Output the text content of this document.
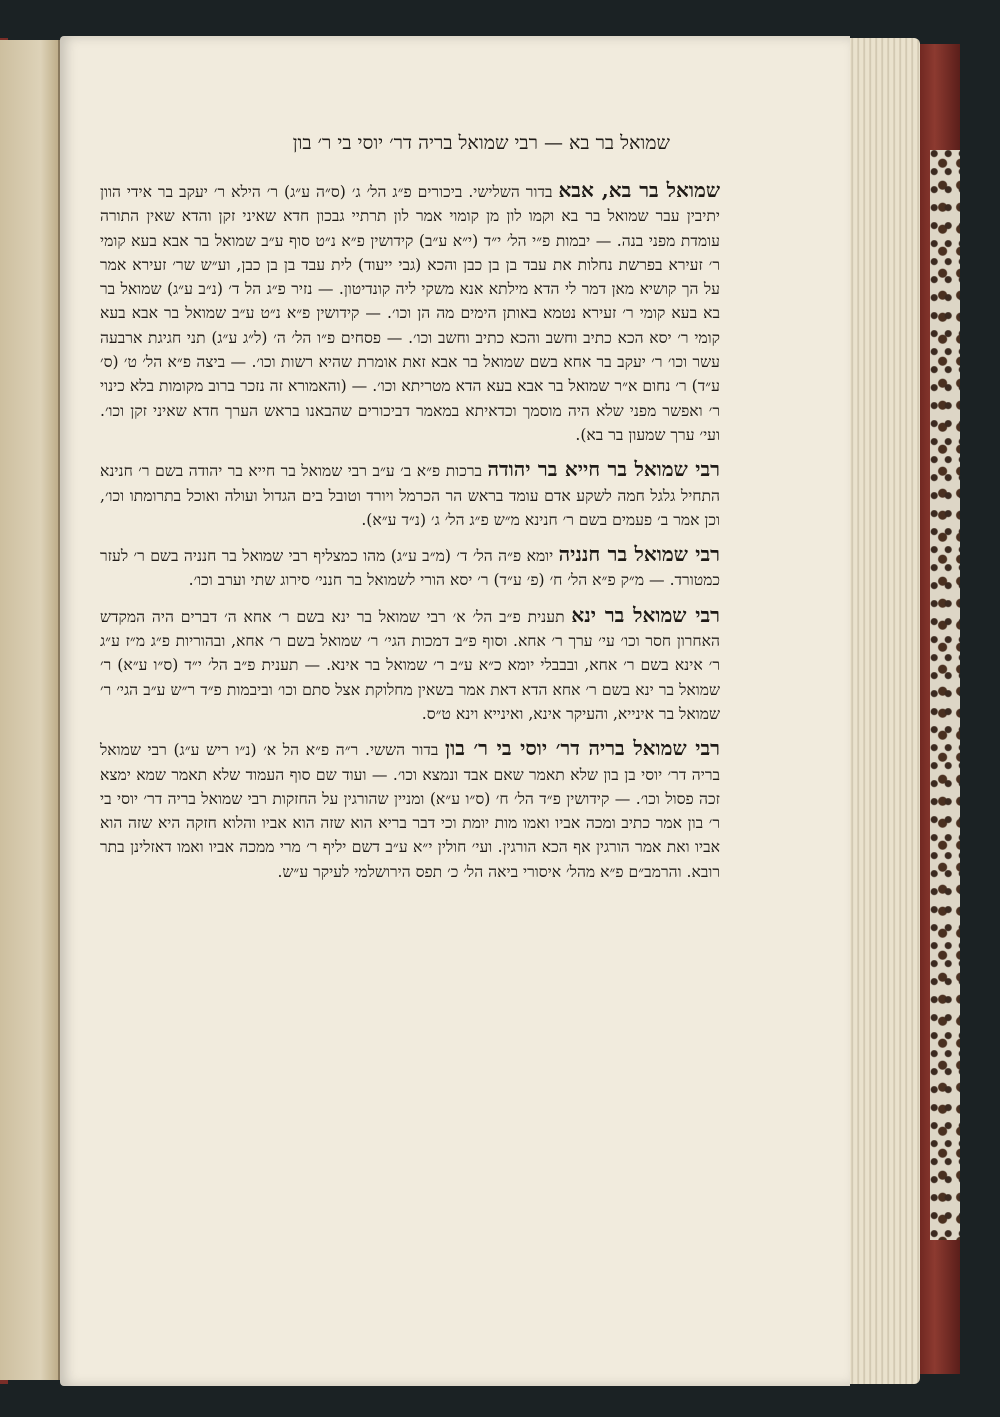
שמואל בר בא — רבי שמואל בריה דר׳ יוסי בי ר׳ בון

שמואל בר בא, אבא בדור השלישי. ביכורים פ״ג הל׳ ג׳ (ס״ה ע״ג) ר׳ הילא ר׳ יעקב בר אידי הוון יתיבין עבר שמואל בר בא וקמו לון מן קומוי אמר לון תרתיי גבכון חדא שאיני זקן והדא שאין התורה עומדת מפני בנה. — יבמות פ״י הל׳ י״ד (י״א ע״ב) קידושין פ״א נ״ט סוף ע״ב שמואל בר אבא בעא קומי ר׳ זעירא בפרשת נחלות את עבד בן בן כבן והכא (גבי ייעוד) לית עבד בן בן כבן, וע״ש שר׳ זעירא אמר על הך קושיא מאן דמר לי הדא מילתא אנא משקי ליה קונדיטון. — נזיר פ״ג הל ד׳ (נ״ב ע״ג) שמואל בר בא בעא קומי ר׳ זעירא נטמא באותן הימים מה הן וכו׳. — קידושין פ״א נ״ט ע״ב שמואל בר אבא בעא קומי ר׳ יסא הכא כתיב וחשב והכא כתיב וחשב וכו׳. — פסחים פ״ו הל׳ ה׳ (ל״ג ע״ג) תני חגיגת ארבעה עשר וכו׳ ר׳ יעקב בר אחא בשם שמואל בר אבא זאת אומרת שהיא רשות וכו׳. — ביצה פ״א הל׳ ט׳ (ס׳ ע״ד) ר׳ נחום א״ר שמואל בר אבא בעא הדא מטריתא וכו׳. — (והאמורא זה נזכר ברוב מקומות בלא כינוי ר׳ ואפשר מפני שלא היה מוסמך וכדאיתא במאמר דביכורים שהבאנו בראש הערך חדא שאיני זקן וכו׳. ועי׳ ערך שמעון בר בא).

רבי שמואל בר חייא בר יהודה ברכות פ״א ב׳ ע״ב רבי שמואל בר חייא בר יהודה בשם ר׳ חנינא התחיל גלגל חמה לשקע אדם עומד בראש הר הכרמל ויורד וטובל בים הגדול ועולה ואוכל בתרומתו וכו׳, וכן אמר ב׳ פעמים בשם ר׳ חנינא מ״ש פ״ג הל׳ ג׳ (נ״ד ע״א).

רבי שמואל בר חנניה יומא פ״ה הל׳ ד׳ (מ״ב ע״ג) מהו כמצליף רבי שמואל בר חנניה בשם ר׳ לעזר כמטורד. — מ״ק פ״א הל׳ ח׳ (פ׳ ע״ד) ר׳ יסא הורי לשמואל בר חנני׳ סירוג שתי וערב וכו׳.

רבי שמואל בר ינא תענית פ״ב הל׳ א׳ רבי שמואל בר ינא בשם ר׳ אחא ה׳ דברים היה המקדש האחרון חסר וכו׳ עי׳ ערך ר׳ אחא. וסוף פ״ב דמכות הגי׳ ר׳ שמואל בשם ר׳ אחא, ובהוריות פ״ג מ״ז ע״ג ר׳ אינא בשם ר׳ אחא, ובבבלי יומא כ״א ע״ב ר׳ שמואל בר אינא. — תענית פ״ב הל׳ י״ד (ס״ו ע״א) ר׳ שמואל בר ינא בשם ר׳ אחא הדא דאת אמר בשאין מחלוקת אצל סתם וכו׳ וביבמות פ״ד ר״ש ע״ב הגי׳ ר׳ שמואל בר אינייא, והעיקר אינא, ואינייא וינא ט״ס.

רבי שמואל בריה דר׳ יוסי בי ר׳ בון בדור הששי. ר״ה פ״א הל א׳ (נ״ו ריש ע״ג) רבי שמואל בריה דר׳ יוסי בן בון שלא תאמר שאם אבד ונמצא וכו׳. — ועוד שם סוף העמוד שלא תאמר שמא ימצא זכה פסול וכו׳. — קידושין פ״ד הל׳ ח׳ (ס״ו ע״א) ומניין שהורגין על החזקות רבי שמואל בריה דר׳ יוסי בי ר׳ בון אמר כתיב ומכה אביו ואמו מות יומת וכי דבר בריא הוא שזה הוא אביו והלוא חזקה היא שזה הוא אביו ואת אמר הורגין אף הכא הורגין. ועי׳ חולין י״א ע״ב דשם יליף ר׳ מרי ממכה אביו ואמו דאזלינן בתר רובא. והרמב״ם פ״א מהל׳ איסורי ביאה הל׳ כ׳ תפס הירושלמי לעיקר ע״ש.
